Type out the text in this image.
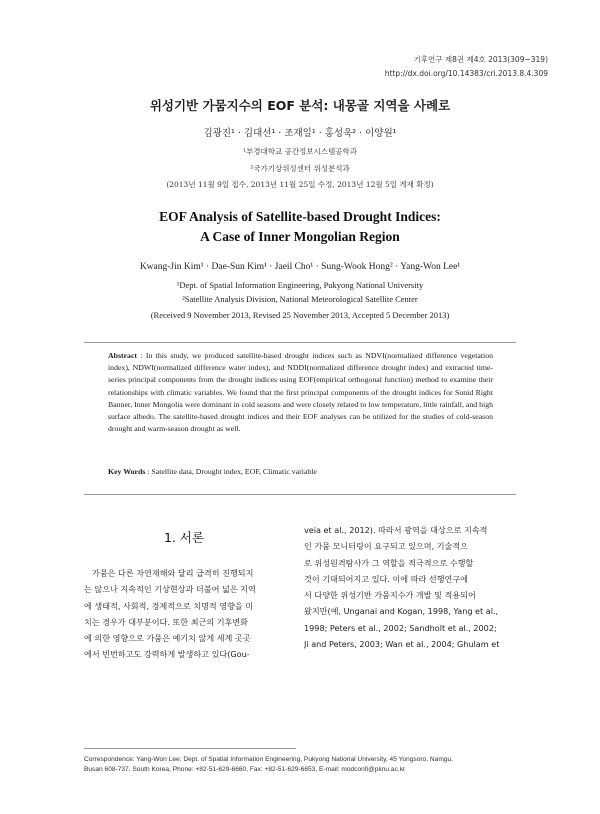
기후연구 제8권 제4호 2013(309~319)
http://dx.doi.org/10.14383/cri.2013.8.4.309
위성기반 가뭄지수의 EOF 분석: 내몽골 지역을 사례로
김광진¹ · 김대선¹ · 조재일¹ · 홍성욱² · 이양원¹
¹부경대학교 공간정보시스템공학과
²국가기상위성센터 위성분석과
(2013년 11월 9일 접수, 2013년 11월 25일 수정, 2013년 12월 5일 게재 확정)
EOF Analysis of Satellite-based Drought Indices:
A Case of Inner Mongolian Region
Kwang-Jin Kim¹ · Dae-Sun Kim¹ · Jaeil Cho¹ · Sung-Wook Hong² · Yang-Won Lee¹
¹Dept. of Spatial Information Engineering, Pukyong National University
²Satellite Analysis Division, National Meteorological Satellite Center
(Received 9 November 2013, Revised 25 November 2013, Accepted 5 December 2013)
Abstract : In this study, we produced satellite-based drought indices such as NDVI(normalized difference vegetation index), NDWI(normalized difference water index), and NDDI(normalized difference drought index) and extracted time-series principal components from the drought indices using EOF(empirical orthogonal function) method to examine their relationships with climatic variables. We found that the first principal components of the drought indices for Sonid Right Banner, Inner Mongolia were dominant in cold seasons and were closely related to low temperature, little rainfall, and high surface albedo. The satellite-based drought indices and their EOF analyses can be utilized for the studies of cold-season drought and warm-season drought as well.
Key Words : Satellite data, Drought index, EOF, Climatic variable
1. 서론
가뭄은 다른 자연재해와 달리 급격히 진행되지
는 않으나 지속적인 기상현상과 더불어 넓은 지역
에 생태적, 사회적, 경제적으로 치명적 영향을 미
치는 경우가 대부분이다. 또한 최근의 기후변화
에 의한 영향으로 가뭄은 예기치 않게 세계 곳곳
에서 빈번하고도 강력하게 발생하고 있다(Gou-
veia et al., 2012). 따라서 광역을 대상으로 지속적
인 가뭄 모니터링이 요구되고 있으며, 기술적으
로 위성원격탐사가 그 역할을 적극적으로 수행할
것이 기대되어지고 있다. 이에 따라 선행연구에
서 다양한 위성기반 가뭄지수가 개발 및 적용되어
왔지만(예, Unganai and Kogan, 1998, Yang et al.,
1998; Peters et al., 2002; Sandholt et al., 2002;
Ji and Peters, 2003; Wan et al., 2004; Ghulam et
Correspondence: Yang-Won Lee, Dept. of Spatial Information Engineering, Pukyong National University, 45 Yongsoro, Namgu,
Busan 608-737, South Korea, Phone: +82-51-629-6660, Fax: +82-51-629-6653, E-mail: modconfi@pknu.ac.kr
